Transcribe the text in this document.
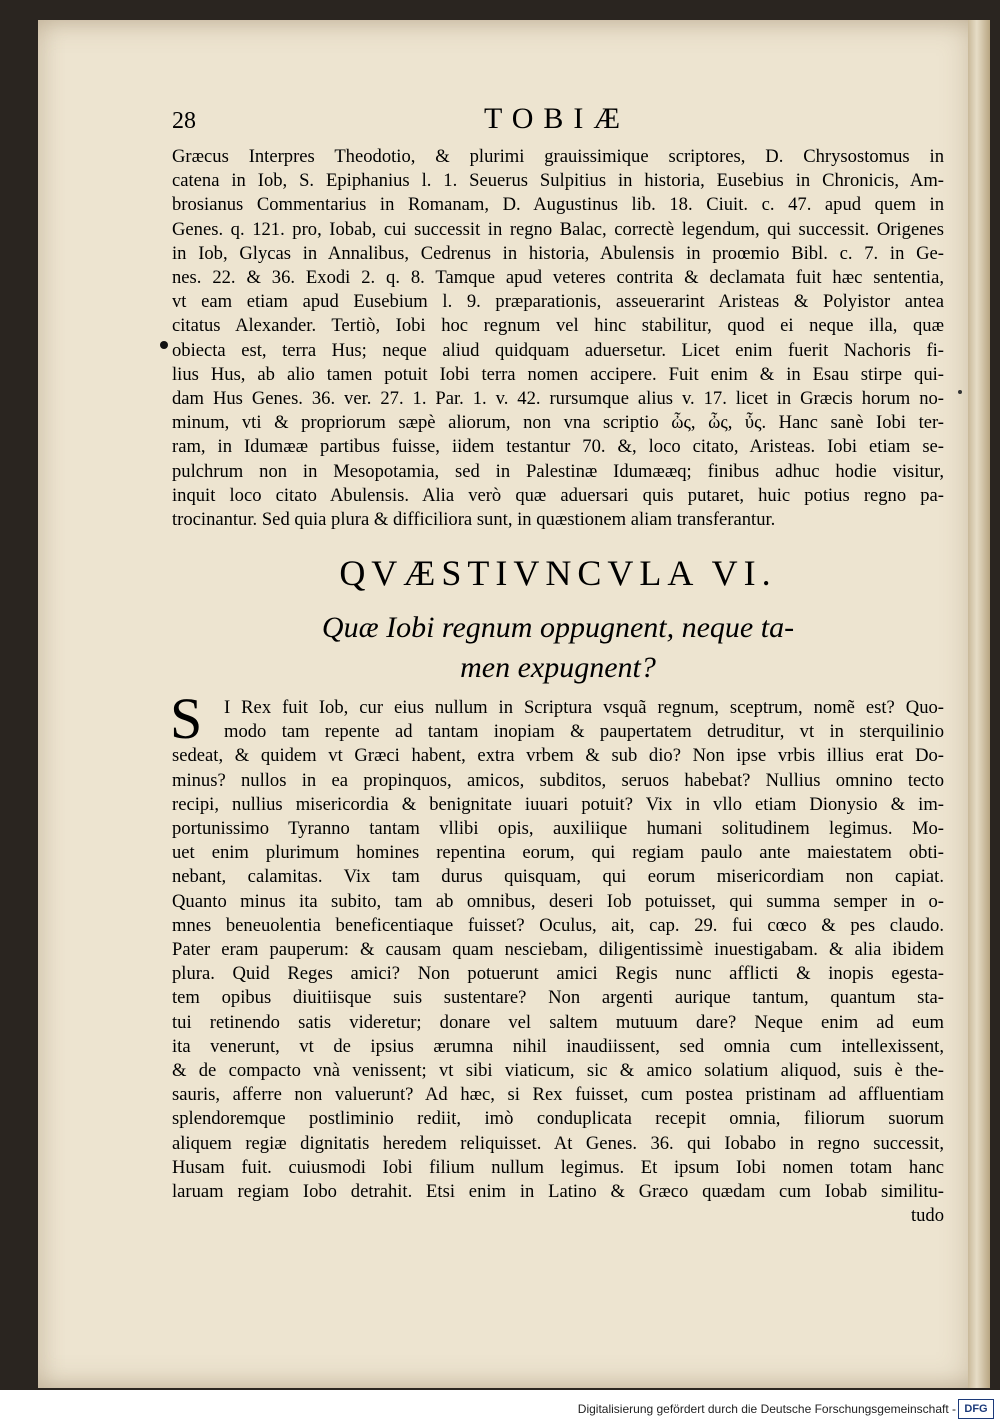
28	TOBIÆ
Græcus Interpres Theodotio, & plurimi grauissimique scriptores, D. Chrysostomus in
catena in Iob, S. Epiphanius l. 1. Seuerus Sulpitius in historia, Eusebius in Chronicis, Am-
brosianus Commentarius in Romanam, D. Augustinus lib. 18. Ciuit. c. 47. apud quem in
Genes. q. 121. pro, Iobab, cui successit in regno Balac, correctè legendum, qui successit. Origenes
in Iob, Glycas in Annalibus, Cedrenus in historia, Abulensis in proœmio Bibl. c. 7. in Ge-
nes. 22. & 36. Exodi 2. q. 8. Tamque apud veteres contrita & declamata fuit hæc sententia,
vt eam etiam apud Eusebium l. 9. præparationis, asseuerarint Aristeas & Polyistor antea
citatus Alexander. Tertiò, Iobi hoc regnum vel hinc stabilitur, quod ei neque illa, quæ
obiecta est, terra Hus; neque aliud quidquam aduersetur. Licet enim fuerit Nachoris fi-
lius Hus, ab alio tamen potuit Iobi terra nomen accipere. Fuit enim & in Esau stirpe qui-
dam Hus Genes. 36. ver. 27. 1. Par. 1. v. 42. rursumque alius v. 17. licet in Græcis horum no-
minum, vti & propriorum sæpè aliorum, non vna scriptio ὦς, ὦς, ὖς. Hanc sanè Iobi ter-
ram, in Idumææ partibus fuisse, iidem testantur 70. &, loco citato, Aristeas. Iobi etiam se-
pulchrum non in Mesopotamia, sed in Palestinæ Idumææq; finibus adhuc hodie visitur,
inquit loco citato Abulensis. Alia verò quæ aduersari quis putaret, huic potius regno pa-
trocinantur. Sed quia plura & difficiliora sunt, in quæstionem aliam transferantur.
QVÆSTIVNCVLA VI.
Quæ Iobi regnum oppugnent, neque ta-
men expugnent?
S	I Rex fuit Iob, cur eius nullum in Scriptura vsquã regnum, sceptrum, nomẽ est? Quo-
modo tam repente ad tantam inopiam & paupertatem detruditur, vt in sterquilinio
sedeat, & quidem vt Græci habent, extra vrbem & sub dio? Non ipse vrbis illius erat Do-
minus? nullos in ea propinquos, amicos, subditos, seruos habebat? Nullius omnino tecto
recipi, nullius misericordia & benignitate iuuari potuit? Vix in vllo etiam Dionysio & im-
portunissimo Tyranno tantam vllibi opis, auxiliique humani solitudinem legimus. Mo-
uet enim plurimum homines repentina eorum, qui regiam paulo ante maiestatem obti-
nebant, calamitas. Vix tam durus quisquam, qui eorum misericordiam non capiat.
Quanto minus ita subito, tam ab omnibus, deseri Iob potuisset, qui summa semper in o-
mnes beneuolentia beneficentiaque fuisset? Oculus, ait, cap. 29. fui cœco & pes claudo.
Pater eram pauperum: & causam quam nesciebam, diligentissimè inuestigabam. & alia ibidem
plura. Quid Reges amici? Non potuerunt amici Regis nunc afflicti & inopis egesta-
tem opibus diuitiisque suis sustentare? Non argenti aurique tantum, quantum sta-
tui retinendo satis videretur; donare vel saltem mutuum dare? Neque enim ad eum
ita venerunt, vt de ipsius ærumna nihil inaudiissent, sed omnia cum intellexissent,
& de compacto vnà venissent; vt sibi viaticum, sic & amico solatium aliquod, suis è the-
sauris, afferre non valuerunt? Ad hæc, si Rex fuisset, cum postea pristinam ad affluentiam
splendoremque postliminio rediit, imò conduplicata recepit omnia, filiorum suorum
aliquem regiæ dignitatis heredem reliquisset. At Genes. 36. qui Iobabo in regno successit,
Husam fuit. cuiusmodi Iobi filium nullum legimus. Et ipsum Iobi nomen totam hanc
laruam regiam Iobo detrahit. Etsi enim in Latino & Græco quædam cum Iobab similitu-
tudo
Digitalisierung gefördert durch die Deutsche Forschungsgemeinschaft - DFG
